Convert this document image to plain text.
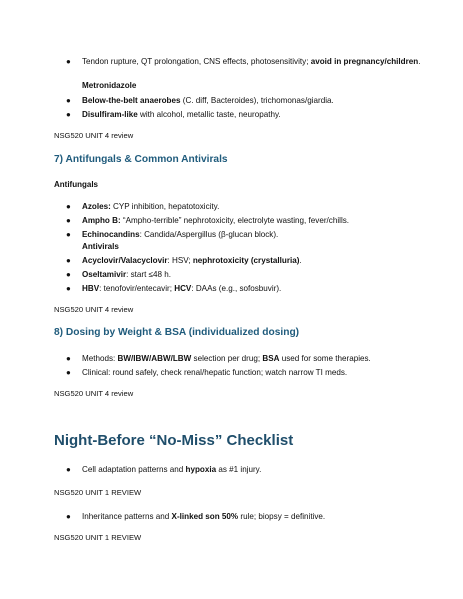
● Tendon rupture, QT prolongation, CNS effects, photosensitivity; avoid in pregnancy/children.
Metronidazole
● Below-the-belt anaerobes (C. diff, Bacteroides), trichomonas/giardia.
● Disulfiram-like with alcohol, metallic taste, neuropathy.
NSG520 UNIT 4 review
7) Antifungals & Common Antivirals
Antifungals
● Azoles: CYP inhibition, hepatotoxicity.
● Ampho B: “Ampho-terrible” nephrotoxicity, electrolyte wasting, fever/chills.
● Echinocandins: Candida/Aspergillus (β-glucan block).
Antivirals
● Acyclovir/Valacyclovir: HSV; nephrotoxicity (crystalluria).
● Oseltamivir: start ≤48 h.
● HBV: tenofovir/entecavir; HCV: DAAs (e.g., sofosbuvir).
NSG520 UNIT 4 review
8) Dosing by Weight & BSA (individualized dosing)
● Methods: BW/IBW/ABW/LBW selection per drug; BSA used for some therapies.
● Clinical: round safely, check renal/hepatic function; watch narrow TI meds.
NSG520 UNIT 4 review
Night-Before “No-Miss” Checklist
● Cell adaptation patterns and hypoxia as #1 injury.
NSG520 UNIT 1 REVIEW
● Inheritance patterns and X-linked son 50% rule; biopsy = definitive.
NSG520 UNIT 1 REVIEW
